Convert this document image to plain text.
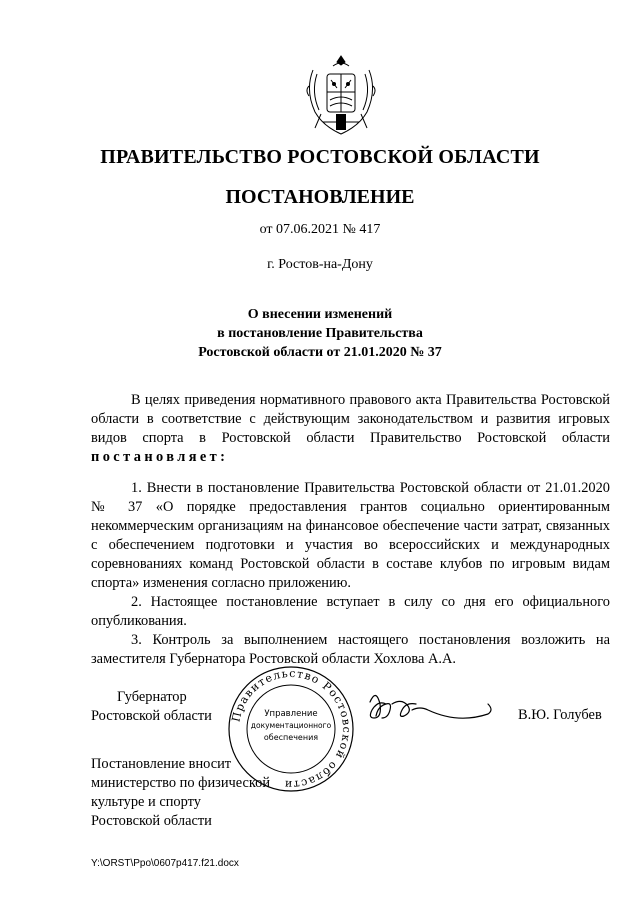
ПРАВИТЕЛЬСТВО РОСТОВСКОЙ ОБЛАСТИ
ПОСТАНОВЛЕНИЕ
от 07.06.2021 № 417
г. Ростов-на-Дону
О внесении изменений
в постановление Правительства
Ростовской области от 21.01.2020 № 37

В целях приведения нормативного правового акта Правительства Ростовской области в соответствие с действующим законодательством и развития игровых видов спорта в Ростовской области Правительство Ростовской области постановляет:

1. Внести в постановление Правительства Ростовской области от 21.01.2020 № 37 «О порядке предоставления грантов социально ориентированным некоммерческим организациям на финансовое обеспечение части затрат, связанных с обеспечением подготовки и участия во всероссийских и международных соревнованиях команд Ростовской области в составе клубов по игровым видам спорта» изменения согласно приложению.

2. Настоящее постановление вступает в силу со дня его официального опубликования.

3. Контроль за выполнением настоящего постановления возложить на заместителя Губернатора Ростовской области Хохлова А.А.

Губернатор
Ростовской области Правительство Ростовской области
Управление
документационного
обеспечения
В.Ю. Голубев
Постановление вносит
министерство по физической
культуре и спорту
Ростовской области
Y:\ORST\Ppo\0607p417.f21.docx
